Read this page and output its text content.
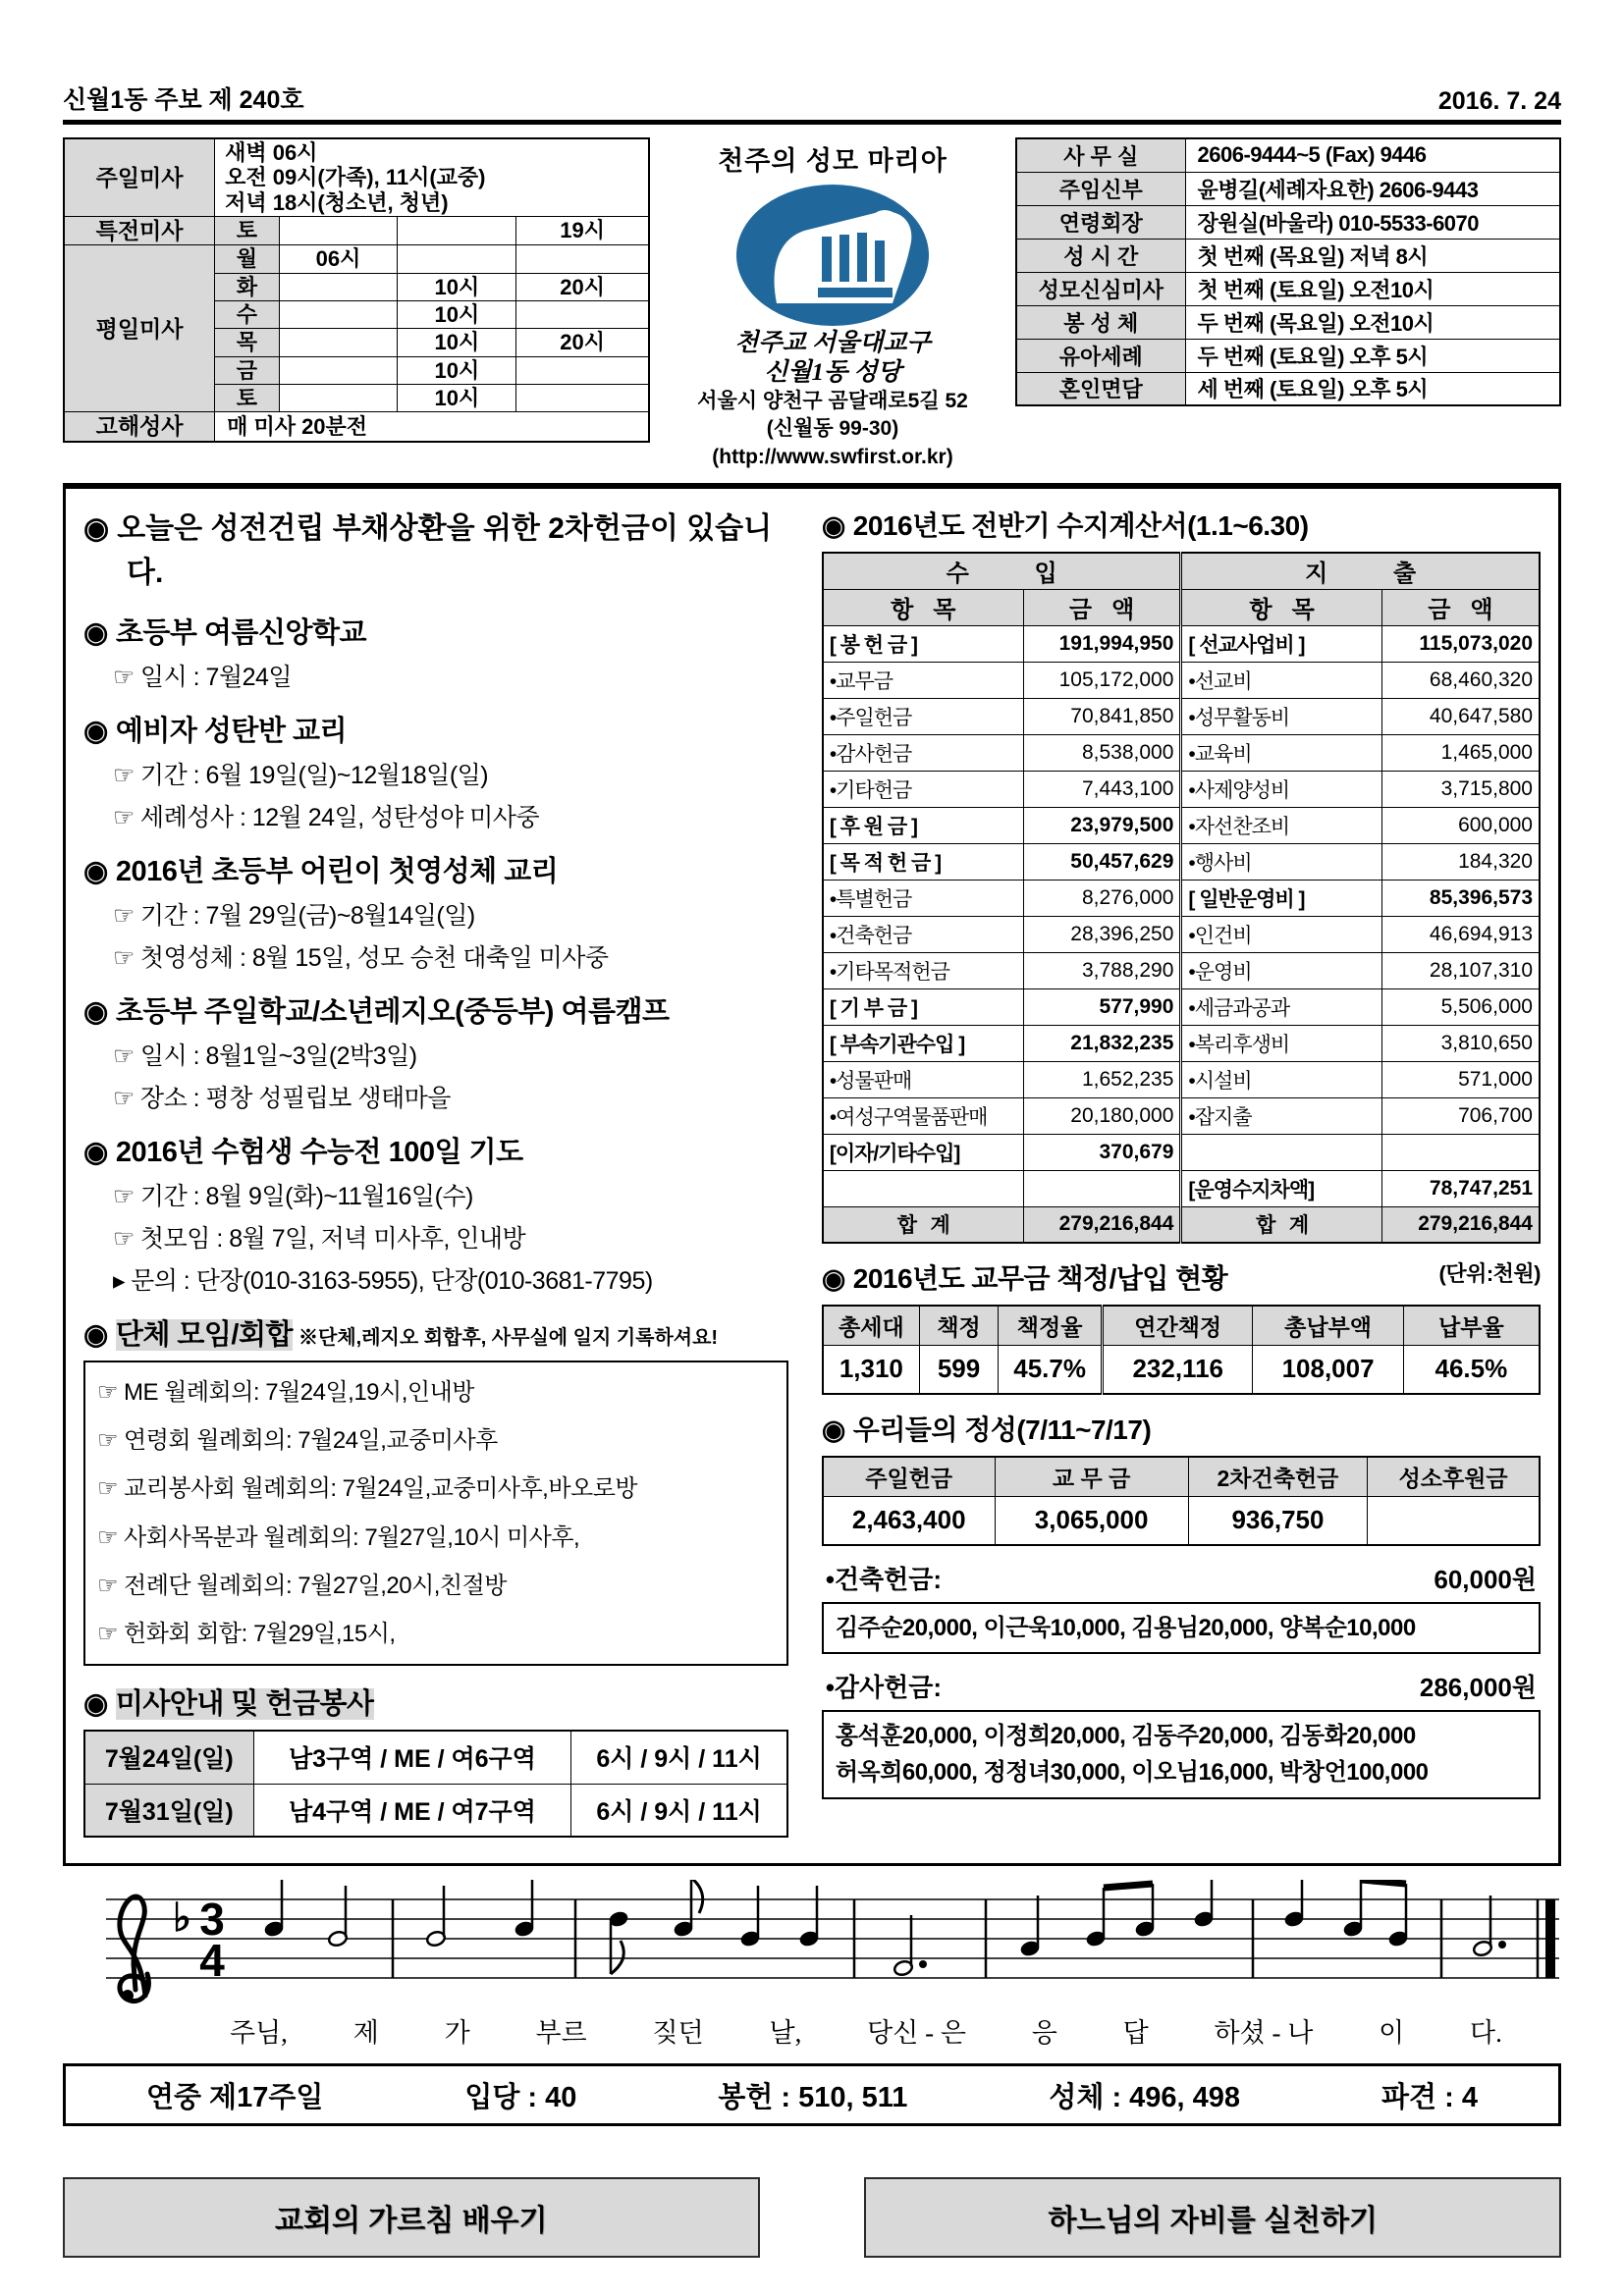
신월1동 주보 제 240호	2016. 7. 24
주일미사	새벽 06시
오전 09시(가족), 11시(교중)
저녁 18시(청소년, 청년)			

특전미사	토			19시
평일미사	월	06시		
	화		10시	20시
	수		10시	
	목		10시	20시
	금		10시	
	토		10시	
고해성사	매 미사 20분전			
천주의 성모 마리아
천주교 서울대교구
신월1동 성당
서울시 양천구 곰달래로5길 52
(신월동 99-30)
(http://www.swfirst.or.kr)
사 무 실	2606-9444~5 (Fax) 9446
주임신부	윤병길(세례자요한) 2606-9443
연령회장	장원실(바울라) 010-5533-6070
성 시 간	첫 번째 (목요일) 저녁 8시
성모신심미사	첫 번째 (토요일) 오전10시
봉 성 체	두 번째 (목요일) 오전10시
유아세례	두 번째 (토요일) 오후 5시
혼인면담	세 번째 (토요일) 오후 5시
◉ 오늘은 성전건립 부채상환을 위한 2차헌금이 있습니다.
◉ 초등부 여름신앙학교
☞ 일시 : 7월24일
◉ 예비자 성탄반 교리
☞ 기간 : 6월 19일(일)~12월18일(일)
☞ 세례성사 : 12월 24일, 성탄성야 미사중
◉ 2016년 초등부 어린이 첫영성체 교리
☞ 기간 : 7월 29일(금)~8월14일(일)
☞ 첫영성체 : 8월 15일, 성모 승천 대축일 미사중
◉ 초등부 주일학교/소년레지오(중등부) 여름캠프
☞ 일시 : 8월1일~3일(2박3일)
☞ 장소 : 평창 성필립보 생태마을
◉ 2016년 수험생 수능전 100일 기도
☞ 기간 : 8월 9일(화)~11월16일(수)
☞ 첫모임 : 8월 7일, 저녁 미사후, 인내방
▸ 문의 : 단장(010-3163-5955), 단장(010-3681-7795)
◉ 단체 모임/회합 ※단체,레지오 회합후, 사무실에 일지 기록하셔요!
☞ ME 월례회의: 7월24일,19시,인내방
☞ 연령회 월례회의: 7월24일,교중미사후
☞ 교리봉사회 월례회의: 7월24일,교중미사후,바오로방
☞ 사회사목분과 월례회의: 7월27일,10시 미사후,
☞ 전례단 월례회의: 7월27일,20시,친절방
☞ 헌화회 회합: 7월29일,15시,
◉ 미사안내 및 헌금봉사
7월24일(일)	남3구역 / ME / 여6구역	6시 / 9시 / 11시
7월31일(일)	남4구역 / ME / 여7구역	6시 / 9시 / 11시
◉ 2016년도 전반기 수지계산서(1.1~6.30)
수          입		지          출	
항   목	금   액	항   목	금   액
[ 봉 헌 금 ]	191,994,950	[ 선교사업비 ]	115,073,020
•교무금	105,172,000	•선교비	68,460,320
•주일헌금	70,841,850	•성무활동비	40,647,580
•감사헌금	8,538,000	•교육비	1,465,000
•기타헌금	7,443,100	•사제양성비	3,715,800
[ 후 원 금 ]	23,979,500	•자선찬조비	600,000
[ 목 적 헌 금 ]	50,457,629	•행사비	184,320
•특별헌금	8,276,000	[ 일반운영비 ]	85,396,573
•건축헌금	28,396,250	•인건비	46,694,913
•기타목적헌금	3,788,290	•운영비	28,107,310
[ 기 부 금 ]	577,990	•세금과공과	5,506,000
[ 부속기관수입 ]	21,832,235	•복리후생비	3,810,650
•성물판매	1,652,235	•시설비	571,000
•여성구역물품판매	20,180,000	•잡지출	706,700
[이자/기타수입]	370,679		
		[운영수지차액]	78,747,251
합   계	279,216,844	합   계	279,216,844
(단위:천원)
◉ 2016년도 교무금 책정/납입 현황
총세대	책정	책정율	연간책정	총납부액	납부율
1,310	599	45.7%	232,116	108,007	46.5%
◉ 우리들의 정성(7/11~7/17)
주일헌금	교 무 금	2차건축헌금	성소후원금
2,463,400	3,065,000	936,750	
•건축헌금:	60,000원
김주순20,000, 이근욱10,000, 김용님20,000, 양복순10,000
•감사헌금:	286,000원
홍석훈20,000, 이정희20,000, 김동주20,000, 김동화20,000
허옥희60,000, 정정녀30,000, 이오님16,000, 박창언100,000
♭ 3
4
주님, 제 가 부르 짖던 날, 당신 - 은 응 답 하셨 - 나 이 다.
연중 제17주일	입당 : 40	봉헌 : 510, 511	성체 : 496, 498	파견 : 4
교회의 가르침 배우기	하느님의 자비를 실천하기
